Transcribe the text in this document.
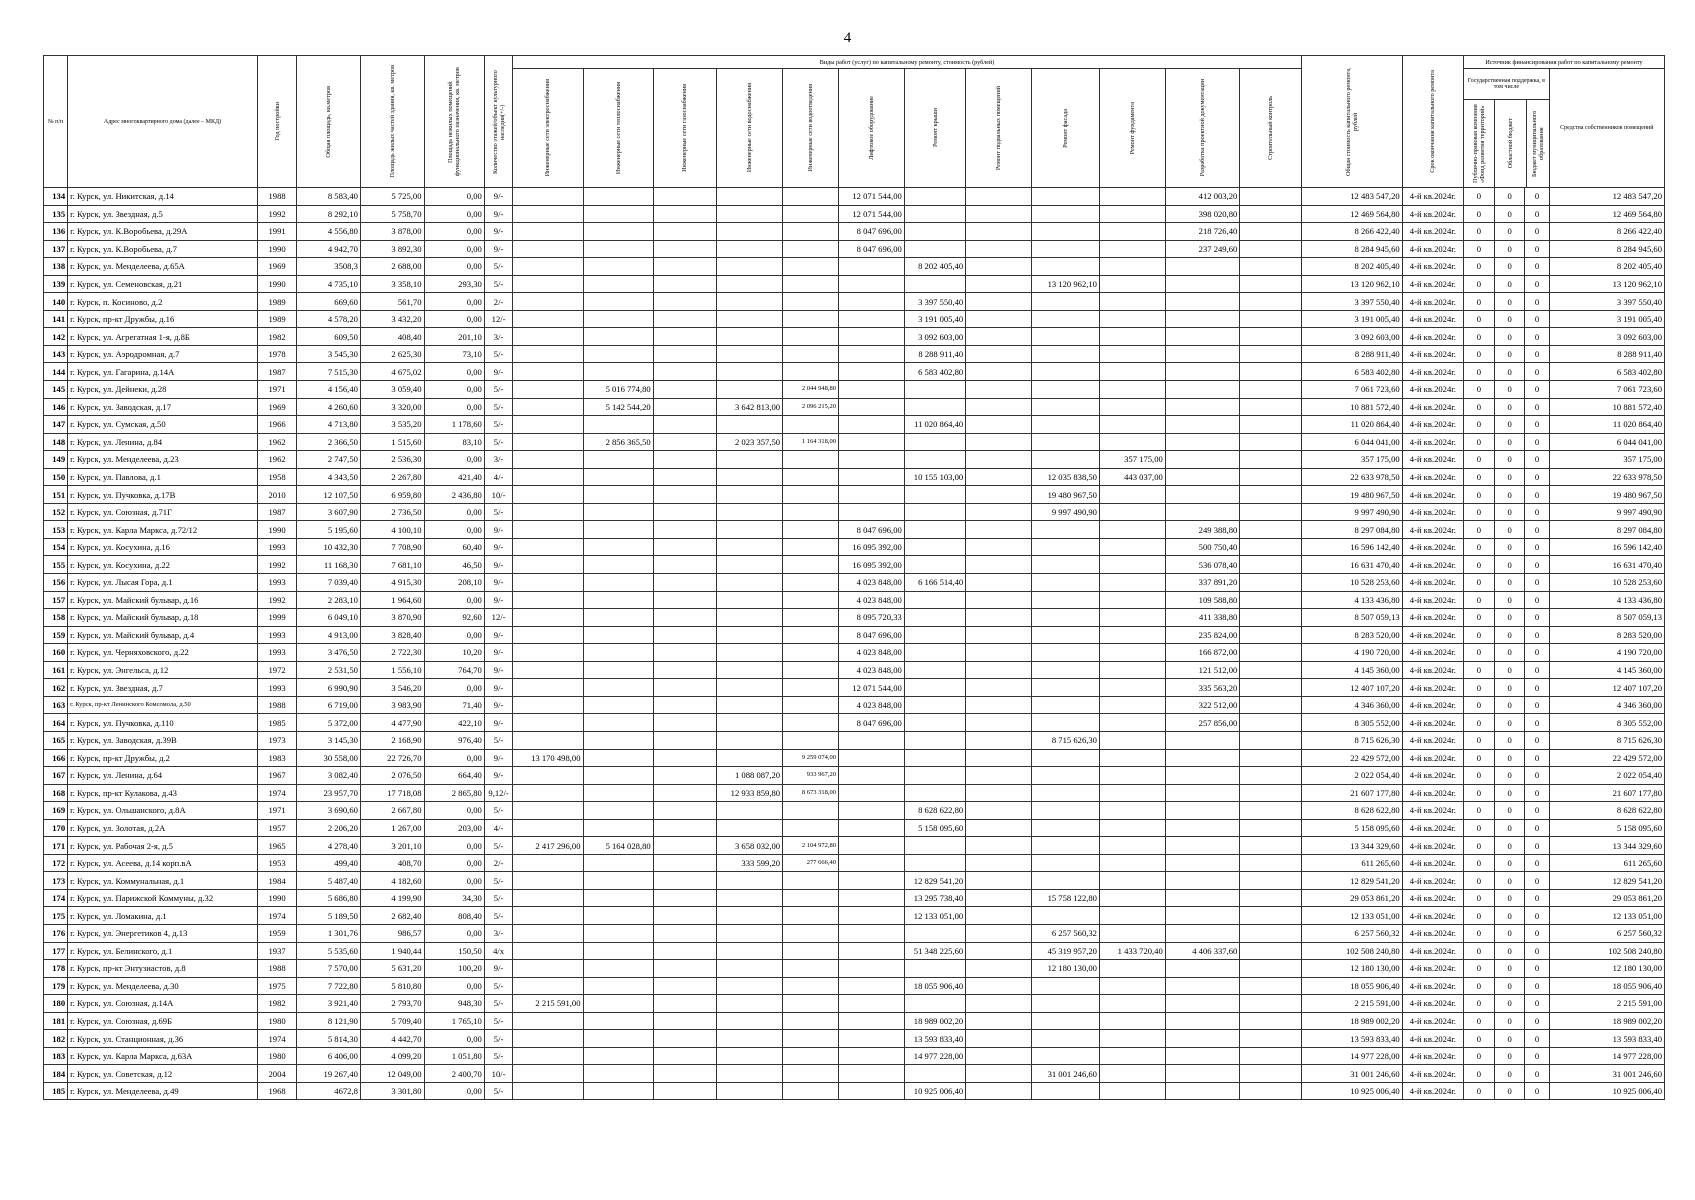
4
№ п/п	Адрес многоквартирного дома (далее – МКД)	Год постройки	Общая площадь, кв.метров	Площадь жилых частей здания, кв. метров	Площадь нежилых помещений функционального назначения, кв. метров	Количество этажей/объект культурного наследия(+/-)	Виды работ (услуг) по капитальному ремонту, стоимость (рублей)												Общая стоимость капитального ремонта, рублей	Срок окончания капитального ремонта	Источник финансирования работ по капитальному ремонту			

							Инженерные сети электроснабжения	Инженерные сети теплоснабжения	Инженерные сети газоснабжения	Инженерные сети водоснабжения	Инженерные сети водоотведения	Лифтовое оборудование	Ремонт крыши	Ремонт подвальных помещений	Ремонт фасада	Ремонт фундамента	Разработка проектной документации	Строительный контроль			Государственная поддержка, в том числе
Публично-правовая компания «Фонд развития территорий» Областной бюджет Бюджет муниципального образования			Средства собственников помещений
134	г. Курск, ул. Никитская, д.14	1988	8 583,40	5 725,00	0,00	9/-						12 071 544,00					412 003,20		12 483 547,20	4-й кв.2024г.	0	0	0	12 483 547,20
135	г. Курск, ул. Звездная, д.5	1992	8 292,10	5 758,70	0,00	9/-						12 071 544,00					398 020,80		12 469 564,80	4-й кв.2024г.	0	0	0	12 469 564,80
136	г. Курск, ул. К.Воробьева, д.29А	1991	4 556,80	3 878,00	0,00	9/-						8 047 696,00					218 726,40		8 266 422,40	4-й кв.2024г.	0	0	0	8 266 422,40
137	г. Курск, ул. К.Воробьева, д.7	1990	4 942,70	3 892,30	0,00	9/-						8 047 696,00					237 249,60		8 284 945,60	4-й кв.2024г.	0	0	0	8 284 945,60
138	г. Курск, ул. Менделеева, д.65А	1969	3508,3	2 688,00	0,00	5/-							8 202 405,40						8 202 405,40	4-й кв.2024г.	0	0	0	8 202 405,40
139	г. Курск, ул. Семеновская, д.21	1990	4 735,10	3 358,10	293,30	5/-									13 120 962,10				13 120 962,10	4-й кв.2024г.	0	0	0	13 120 962,10
140	г. Курск, п. Косиново, д.2	1989	669,60	561,70	0,00	2/-							3 397 550,40						3 397 550,40	4-й кв.2024г.	0	0	0	3 397 550,40
141	г. Курск, пр-кт Дружбы, д.16	1989	4 578,20	3 432,20	0,00	12/-							3 191 005,40						3 191 005,40	4-й кв.2024г.	0	0	0	3 191 005,40
142	г. Курск, ул. Агрегатная 1-я, д.8Б	1982	609,50	408,40	201,10	3/-							3 092 603,00						3 092 603,00	4-й кв.2024г.	0	0	0	3 092 603,00
143	г. Курск, ул. Аэродромная, д.7	1978	3 545,30	2 625,30	73,10	5/-							8 288 911,40						8 288 911,40	4-й кв.2024г.	0	0	0	8 288 911,40
144	г. Курск, ул. Гагарина, д.14А	1987	7 515,30	4 675,02	0,00	9/-							6 583 402,80						6 583 402,80	4-й кв.2024г.	0	0	0	6 583 402,80
145	г. Курск, ул. Дейнеки, д.28	1971	4 156,40	3 059,40	0,00	5/-		5 016 774,80			2 044 948,80								7 061 723,60	4-й кв.2024г.	0	0	0	7 061 723,60
146	г. Курск, ул. Заводская, д.17	1969	4 260,60	3 320,00	0,00	5/-		5 142 544,20		3 642 813,00	2 096 215,20								10 881 572,40	4-й кв.2024г.	0	0	0	10 881 572,40
147	г. Курск, ул. Сумская, д.50	1966	4 713,80	3 535,20	1 178,60	5/-							11 020 864,40						11 020 864,40	4-й кв.2024г.	0	0	0	11 020 864,40
148	г. Курск, ул. Ленина, д.84	1962	2 366,50	1 515,60	83,10	5/-		2 856 365,50		2 023 357,50	1 164 318,00								6 044 041,00	4-й кв.2024г.	0	0	0	6 044 041,00
149	г. Курск, ул. Менделеева, д.23	1962	2 747,50	2 536,30	0,00	3/-										357 175,00			357 175,00	4-й кв.2024г.	0	0	0	357 175,00
150	г. Курск, ул. Павлова, д.1	1958	4 343,50	2 267,80	421,40	4/-							10 155 103,00		12 035 838,50	443 037,00			22 633 978,50	4-й кв.2024г.	0	0	0	22 633 978,50
151	г. Курск, ул. Пучковка, д.17В	2010	12 107,50	6 959,80	2 436,80	10/-									19 480 967,50				19 480 967,50	4-й кв.2024г.	0	0	0	19 480 967,50
152	г. Курск, ул. Союзная, д.71Г	1987	3 607,90	2 736,50	0,00	5/-									9 997 490,90				9 997 490,90	4-й кв.2024г.	0	0	0	9 997 490,90
153	г. Курск, ул. Карла Маркса, д.72/12	1990	5 195,60	4 100,10	0,00	9/-						8 047 696,00					249 388,80		8 297 084,80	4-й кв.2024г.	0	0	0	8 297 084,80
154	г. Курск, ул. Косухина, д.16	1993	10 432,30	7 708,90	60,40	9/-						16 095 392,00					500 750,40		16 596 142,40	4-й кв.2024г.	0	0	0	16 596 142,40
155	г. Курск, ул. Косухина, д.22	1992	11 168,30	7 681,10	46,50	9/-						16 095 392,00					536 078,40		16 631 470,40	4-й кв.2024г.	0	0	0	16 631 470,40
156	г. Курск, ул. Лысая Гора, д.1	1993	7 039,40	4 915,30	208,10	9/-						4 023 848,00	6 166 514,40				337 891,20		10 528 253,60	4-й кв.2024г.	0	0	0	10 528 253,60
157	г. Курск, ул. Майский бульвар, д.16	1992	2 283,10	1 964,60	0,00	9/-						4 023 848,00					109 588,80		4 133 436,80	4-й кв.2024г.	0	0	0	4 133 436,80
158	г. Курск, ул. Майский бульвар, д.18	1999	6 049,10	3 870,90	92,60	12/-						8 095 720,33					411 338,80		8 507 059,13	4-й кв.2024г.	0	0	0	8 507 059,13
159	г. Курск, ул. Майский бульвар, д.4	1993	4 913,00	3 828,40	0,00	9/-						8 047 696,00					235 824,00		8 283 520,00	4-й кв.2024г.	0	0	0	8 283 520,00
160	г. Курск, ул. Черняховского, д.22	1993	3 476,50	2 722,30	10,20	9/-						4 023 848,00					166 872,00		4 190 720,00	4-й кв.2024г.	0	0	0	4 190 720,00
161	г. Курск, ул. Энгельса, д.12	1972	2 531,50	1 556,10	764,70	9/-						4 023 848,00					121 512,00		4 145 360,00	4-й кв.2024г.	0	0	0	4 145 360,00
162	г. Курск, ул. Звездная, д.7	1993	6 990,90	3 546,20	0,00	9/-						12 071 544,00					335 563,20		12 407 107,20	4-й кв.2024г.	0	0	0	12 407 107,20
163	г. Курск, пр-кт Ленинского Комсомола, д.50	1988	6 719,00	3 983,90	71,40	9/-						4 023 848,00					322 512,00		4 346 360,00	4-й кв.2024г.	0	0	0	4 346 360,00
164	г. Курск, ул. Пучковка, д.110	1985	5 372,00	4 477,90	422,10	9/-						8 047 696,00					257 856,00		8 305 552,00	4-й кв.2024г.	0	0	0	8 305 552,00
165	г. Курск, ул. Заводская, д.39В	1973	3 145,30	2 168,90	976,40	5/-									8 715 626,30				8 715 626,30	4-й кв.2024г.	0	0	0	8 715 626,30
166	г. Курск, пр-кт Дружбы, д.2	1983	30 558,00	22 726,70	0,00	9/-	13 170 498,00				9 259 074,00								22 429 572,00	4-й кв.2024г.	0	0	0	22 429 572,00
167	г. Курск, ул. Ленина, д.64	1967	3 082,40	2 076,50	664,40	9/-				1 088 087,20	933 967,20								2 022 054,40	4-й кв.2024г.	0	0	0	2 022 054,40
168	г. Курск, пр-кт Кулакова, д.43	1974	23 957,70	17 718,08	2 865,80	9,12/-				12 933 859,80	8 673 318,00								21 607 177,80	4-й кв.2024г.	0	0	0	21 607 177,80
169	г. Курск, ул. Ольшанского, д.8А	1971	3 690,60	2 667,80	0,00	5/-							8 628 622,80						8 628 622,80	4-й кв.2024г.	0	0	0	8 628 622,80
170	г. Курск, ул. Золотая, д.2А	1957	2 206,20	1 267,00	203,00	4/-							5 158 095,60						5 158 095,60	4-й кв.2024г.	0	0	0	5 158 095,60
171	г. Курск, ул. Рабочая 2-я, д.5	1965	4 278,40	3 201,10	0,00	5/-	2 417 296,00	5 164 028,80		3 658 032,00	2 104 972,80								13 344 329,60	4-й кв.2024г.	0	0	0	13 344 329,60
172	г. Курск, ул. Асеева, д.14 корп.вА	1953	499,40	408,70	0,00	2/-				333 599,20	277 666,40								611 265,60	4-й кв.2024г.	0	0	0	611 265,60
173	г. Курск, ул. Коммунальная, д.1	1984	5 487,40	4 182,60	0,00	5/-							12 829 541,20						12 829 541,20	4-й кв.2024г.	0	0	0	12 829 541,20
174	г. Курск, ул. Парижской Коммуны, д.32	1990	5 686,80	4 199,90	34,30	5/-							13 295 738,40		15 758 122,80				29 053 861,20	4-й кв.2024г.	0	0	0	29 053 861,20
175	г. Курск, ул. Ломакина, д.1	1974	5 189,50	2 682,40	808,40	5/-							12 133 051,00						12 133 051,00	4-й кв.2024г.	0	0	0	12 133 051,00
176	г. Курск, ул. Энергетиков 4, д.13	1959	1 301,76	986,57	0,00	3/-									6 257 560,32				6 257 560,32	4-й кв.2024г.	0	0	0	6 257 560,32
177	г. Курск, ул. Белинского, д.1	1937	5 535,60	1 940,44	150,50	4/х							51 348 225,60		45 319 957,20	1 433 720,40	4 406 337,60		102 508 240,80	4-й кв.2024г.	0	0	0	102 508 240,80
178	г. Курск, пр-кт Энтузиастов, д.8	1988	7 570,00	5 631,20	100,20	9/-									12 180 130,00				12 180 130,00	4-й кв.2024г.	0	0	0	12 180 130,00
179	г. Курск, ул. Менделеева, д.30	1975	7 722,80	5 810,80	0,00	5/-							18 055 906,40						18 055 906,40	4-й кв.2024г.	0	0	0	18 055 906,40
180	г. Курск, ул. Союзная, д.14А	1982	3 921,40	2 793,70	948,30	5/-	2 215 591,00												2 215 591,00	4-й кв.2024г.	0	0	0	2 215 591,00
181	г. Курск, ул. Союзная, д.69Б	1980	8 121,90	5 709,40	1 765,10	5/-							18 989 002,20						18 989 002,20	4-й кв.2024г.	0	0	0	18 989 002,20
182	г. Курск, ул. Станционная, д.36	1974	5 814,30	4 442,70	0,00	5/-							13 593 833,40						13 593 833,40	4-й кв.2024г.	0	0	0	13 593 833,40
183	г. Курск, ул. Карла Маркса, д.63А	1980	6 406,00	4 099,20	1 051,80	5/-							14 977 228,00						14 977 228,00	4-й кв.2024г.	0	0	0	14 977 228,00
184	г. Курск, ул. Советская, д.12	2004	19 267,40	12 049,00	2 400,70	10/-									31 001 246,60				31 001 246,60	4-й кв.2024г.	0	0	0	31 001 246,60
185	г. Курск, ул. Менделеева, д.49	1968	4672,8	3 301,80	0,00	5/-							10 925 006,40						10 925 006,40	4-й кв.2024г.	0	0	0	10 925 006,40
